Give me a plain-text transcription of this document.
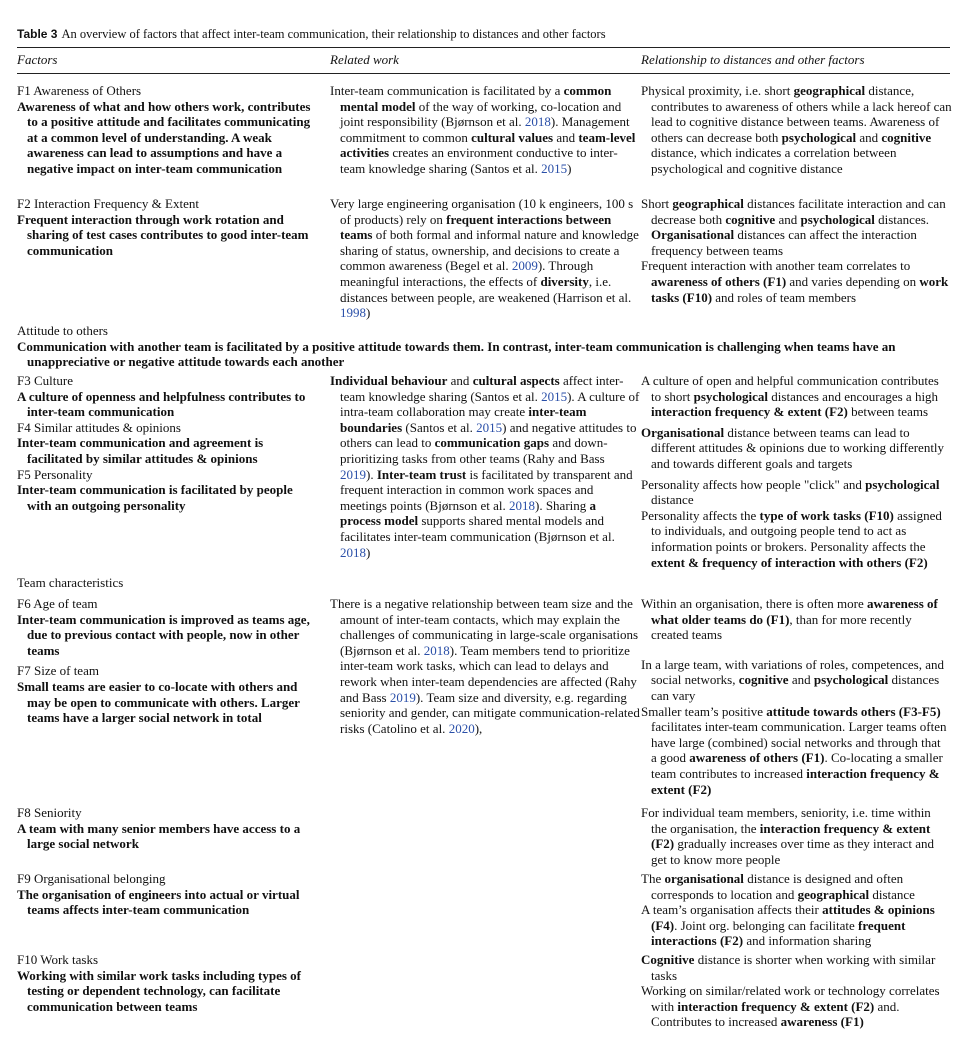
Table 3 An overview of factors that affect inter-team communication, their relationship to distances and other factors
Factors	Related work	Relationship to distances and other factors

F1 Awareness of Others

Awareness of what and how others work, contributes to a positive attitude and facilitates communicating at a common level of understanding. A weak awareness can lead to assumptions and have a negative impact on inter-team communication

Inter-team communication is facilitated by a common mental model of the way of working, co-location and joint responsibility (Bjørnson et al. 2018). Management commitment to common cultural values and team-level activities creates an environment conductive to inter-team knowledge sharing (Santos et al. 2015)
Physical proximity, i.e. short geographical distance, contributes to awareness of others while a lack hereof can lead to cognitive distance between teams. Awareness of others can decrease both psychological and cognitive distance, which indicates a correlation between psychological and cognitive distance

F2 Interaction Frequency & Extent

Frequent interaction through work rotation and sharing of test cases contributes to good inter-team communication

Very large engineering organisation (10 k engineers, 100 s of products) rely on frequent interactions between teams of both formal and informal nature and knowledge sharing of status, ownership, and decisions to create a common awareness (Begel et al. 2009). Through meaningful interactions, the effects of diversity, i.e. distances between people, are weakened (Harrison et al. 1998)

Short geographical distances facilitate interaction and can decrease both cognitive and psychological distances. Organisational distances can affect the interaction frequency between teams

Frequent interaction with another team correlates to awareness of others (F1) and varies depending on work tasks (F10) and roles of team members

Attitude to others

Communication with another team is facilitated by a positive attitude towards them. In contrast, inter-team communication is challenging when teams have an unappreciative or negative attitude towards each another

F3 Culture

A culture of openness and helpfulness contributes to inter-team communication

F4 Similar attitudes & opinions

Inter-team communication and agreement is facilitated by similar attitudes & opinions

F5 Personality

Inter-team communication is facilitated by people with an outgoing personality

Individual behaviour and cultural aspects affect inter-team knowledge sharing (Santos et al. 2015). A culture of intra-team collaboration may create inter-team boundaries (Santos et al. 2015) and negative attitudes to others can lead to communication gaps and down-prioritizing tasks from other teams (Rahy and Bass 2019). Inter-team trust is facilitated by transparent and frequent interaction in common work spaces and meetings points (Bjørnson et al. 2018). Sharing a process model supports shared mental models and facilitates inter-team communication (Bjørnson et al. 2018)

A culture of open and helpful communication contributes to short psychological distances and encourages a high interaction frequency & extent (F2) between teams

Organisational distance between teams can lead to different attitudes & opinions due to working differently and towards different goals and targets

Personality affects how people "click" and psychological distance

Personality affects the type of work tasks (F10) assigned to individuals, and outgoing people tend to act as information points or brokers. Personality affects the extent & frequency of interaction with others (F2)

Team characteristics

F6 Age of team

Inter-team communication is improved as teams age, due to previous contact with people, now in other teams

F7 Size of team

Small teams are easier to co-locate with others and may be open to communicate with others. Larger teams have a larger social network in total

There is a negative relationship between team size and the amount of inter-team contacts, which may explain the challenges of communicating in large-scale organisations (Bjørnson et al. 2018). Team members tend to prioritize inter-team work tasks, which can lead to delays and rework when inter-team dependencies are affected (Rahy and Bass 2019). Team size and diversity, e.g. regarding seniority and gender, can mitigate communication-related risks (Catolino et al. 2020),

Within an organisation, there is often more awareness of what older teams do (F1), than for more recently created teams

In a large team, with variations of roles, competences, and social networks, cognitive and psychological distances can vary

Smaller team’s positive attitude towards others (F3-F5) facilitates inter-team communication. Larger teams often have large (combined) social networks and through that a good awareness of others (F1). Co-locating a smaller team contributes to increased interaction frequency & extent (F2)

F8 Seniority

A team with many senior members have access to a large social network

For individual team members, seniority, i.e. time within the organisation, the interaction frequency & extent (F2) gradually increases over time as they interact and get to know more people

F9 Organisational belonging

The organisation of engineers into actual or virtual teams affects inter-team communication

The organisational distance is designed and often corresponds to location and geographical distance

A team’s organisation affects their attitudes & opinions (F4). Joint org. belonging can facilitate frequent interactions (F2) and information sharing

F10 Work tasks

Working with similar work tasks including types of testing or dependent technology, can facilitate communication between teams

Cognitive distance is shorter when working with similar tasks

Working on similar/related work or technology correlates with interaction frequency & extent (F2) and. Contributes to increased awareness (F1)
